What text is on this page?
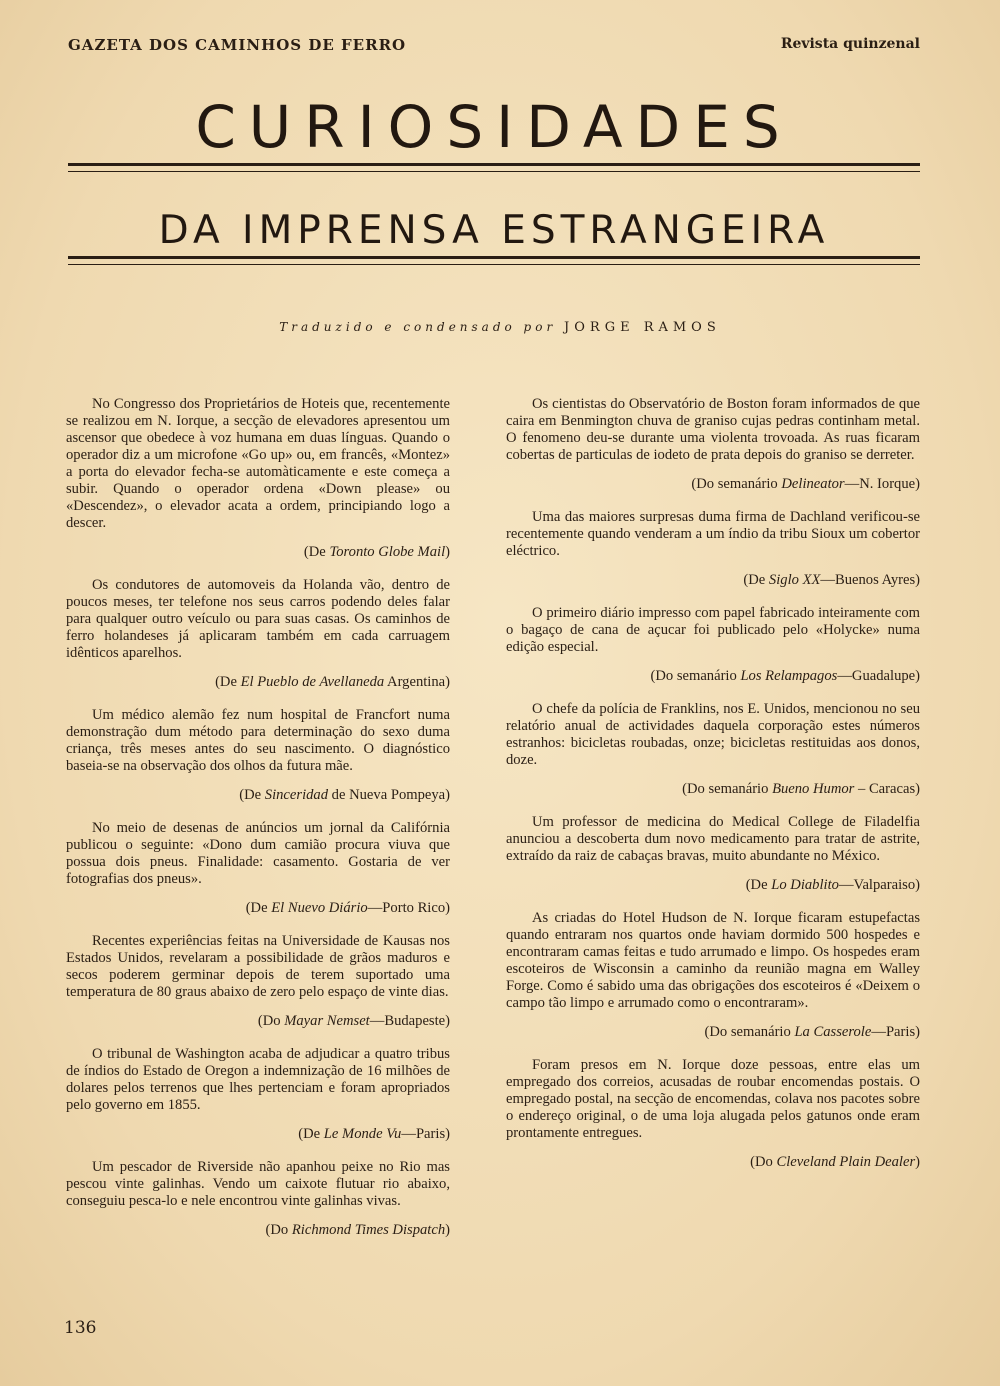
GAZETA DOS CAMINHOS DE FERRO	Revista quinzenal
CURIOSIDADES
DA IMPRENSA ESTRANGEIRA
Traduzido e condensado por JORGE RAMOS

No Congresso dos Proprietários de Hoteis que, recentemente se realizou em N. Iorque, a secção de elevadores apresentou um ascensor que obedece à voz humana em duas línguas. Quando o operador diz a um microfone «Go up» ou, em francês, «Montez» a porta do elevador fecha-se automàticamente e este começa a subir. Quando o operador ordena «Down please» ou «Descendez», o elevador acata a ordem, principiando logo a descer.

(De Toronto Globe Mail)

Os condutores de automoveis da Holanda vão, dentro de poucos meses, ter telefone nos seus carros podendo deles falar para qualquer outro veículo ou para suas casas. Os caminhos de ferro holandeses já aplicaram também em cada carruagem idênticos aparelhos.

(De El Pueblo de Avellaneda Argentina)

Um médico alemão fez num hospital de Francfort numa demonstração dum método para determinação do sexo duma criança, três meses antes do seu nascimento. O diagnóstico baseia-se na observação dos olhos da futura mãe.

(De Sinceridad de Nueva Pompeya)

No meio de desenas de anúncios um jornal da Califórnia publicou o seguinte: «Dono dum camião procura viuva que possua dois pneus. Finalidade: casamento. Gostaria de ver fotografias dos pneus».

(De El Nuevo Diário—Porto Rico)

Recentes experiências feitas na Universidade de Kausas nos Estados Unidos, revelaram a possibilidade de grãos maduros e secos poderem germinar depois de terem suportado uma temperatura de 80 graus abaixo de zero pelo espaço de vinte dias.

(Do Mayar Nemset—Budapeste)

O tribunal de Washington acaba de adjudicar a quatro tribus de índios do Estado de Oregon a indemnização de 16 milhões de dolares pelos terrenos que lhes pertenciam e foram apropriados pelo governo em 1855.

(De Le Monde Vu—Paris)

Um pescador de Riverside não apanhou peixe no Rio mas pescou vinte galinhas. Vendo um caixote flutuar rio abaixo, conseguiu pesca-lo e nele encontrou vinte galinhas vivas.

(Do Richmond Times Dispatch)

Os cientistas do Observatório de Boston foram informados de que caira em Benmington chuva de graniso cujas pedras continham metal. O fenomeno deu-se durante uma violenta trovoada. As ruas ficaram cobertas de particulas de iodeto de prata depois do graniso se derreter.

(Do semanário Delineator—N. Iorque)

Uma das maiores surpresas duma firma de Dachland verificou-se recentemente quando venderam a um índio da tribu Sioux um cobertor eléctrico.

(De Siglo XX—Buenos Ayres)

O primeiro diário impresso com papel fabricado inteiramente com o bagaço de cana de açucar foi publicado pelo «Holycke» numa edição especial.

(Do semanário Los Relampagos—Guadalupe)

O chefe da polícia de Franklins, nos E. Unidos, mencionou no seu relatório anual de actividades daquela corporação estes números estranhos: bicicletas roubadas, onze; bicicletas restituidas aos donos, doze.

(Do semanário Bueno Humor – Caracas)

Um professor de medicina do Medical College de Filadelfia anunciou a descoberta dum novo medicamento para tratar de astrite, extraído da raiz de cabaças bravas, muito abundante no México.

(De Lo Diablito—Valparaiso)

As criadas do Hotel Hudson de N. Iorque ficaram estupefactas quando entraram nos quartos onde haviam dormido 500 hospedes e encontraram camas feitas e tudo arrumado e limpo. Os hospedes eram escoteiros de Wisconsin a caminho da reunião magna em Walley Forge. Como é sabido uma das obrigações dos escoteiros é «Deixem o campo tão limpo e arrumado como o encontraram».

(Do semanário La Casserole—Paris)

Foram presos em N. Iorque doze pessoas, entre elas um empregado dos correios, acusadas de roubar encomendas postais. O empregado postal, na secção de encomendas, colava nos pacotes sobre o endereço original, o de uma loja alugada pelos gatunos onde eram prontamente entregues.

(Do Cleveland Plain Dealer)
136
